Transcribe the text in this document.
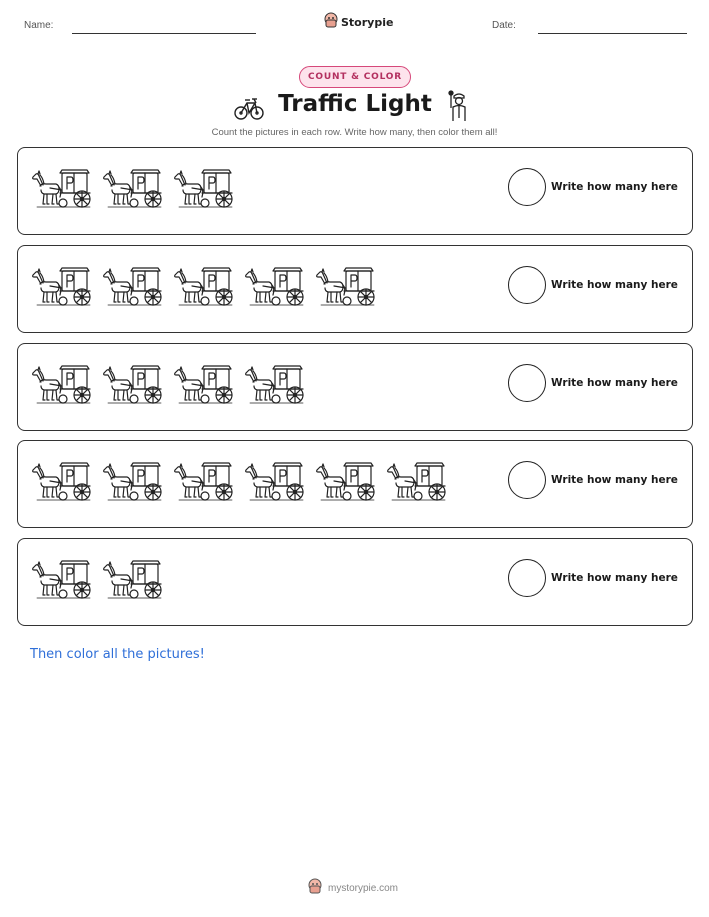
Name:	Storypie	Date:
COUNT & COLOR
Traffic Light
Count the pictures in each row. Write how many, then color them all!
Write how many here
Write how many here
Write how many here
Write how many here
Write how many here
Then color all the pictures!
mystorypie.com
